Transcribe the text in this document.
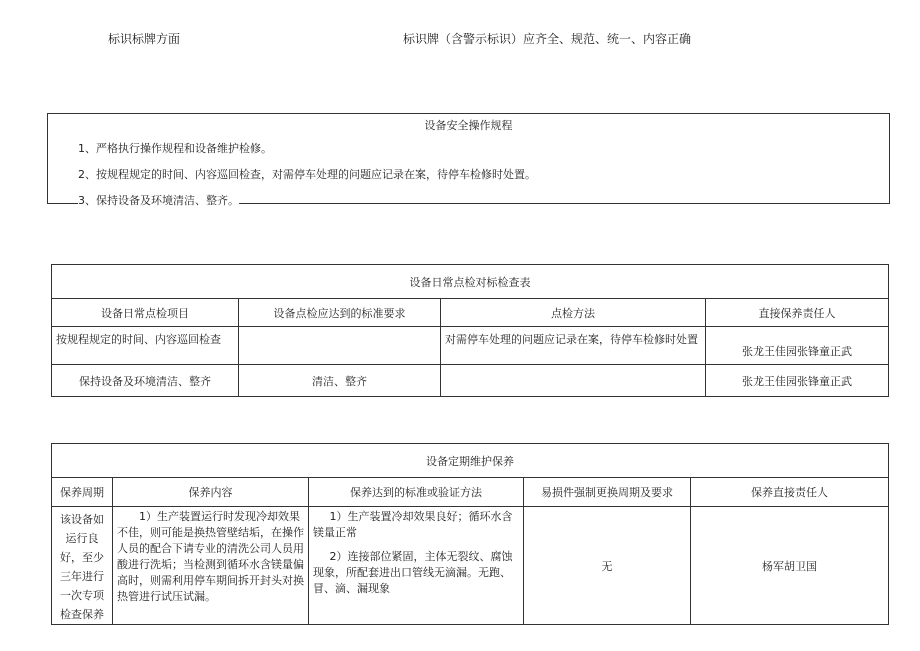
标识标牌方面	标识牌（含警示标识）应齐全、规范、统一、内容正确
设备安全操作规程
1、严格执行操作规程和设备维护检修。
2、按规程规定的时间、内容巡回检查，对需停车处理的问题应记录在案，待停车检修时处置。
3、保持设备及环境清洁、整齐。
设备日常点检对标检查表			
设备日常点检项目	设备点检应达到的标准要求	点检方法	直接保养责任人
按规程规定的时间、内容巡回检查		对需停车处理的问题应记录在案，待停车检修时处置	张龙王佳园张锋童正武
保持设备及环境清洁、整齐	清洁、整齐		张龙王佳园张锋童正武
设备定期维护保养				
保养周期	保养内容	保养达到的标准或验证方法	易损件强制更换周期及要求	保养直接责任人
该设备如运行良好，至少三年进行一次专项检查保养	1）生产装置运行时发现冷却效果不佳，则可能是换热管壁结垢，在操作人员的配合下请专业的清洗公司人员用酸进行洗垢；当检测到循环水含镁量偏高时，则需利用停车期间拆开封头对换热管进行试压试漏。	1）生产装置冷却效果良好；循环水含镁量正常

2）连接部位紧固，主体无裂纹、腐蚀现象，所配套进出口管线无滴漏。无跑、冒、滴、漏现象	无	杨军胡卫国
